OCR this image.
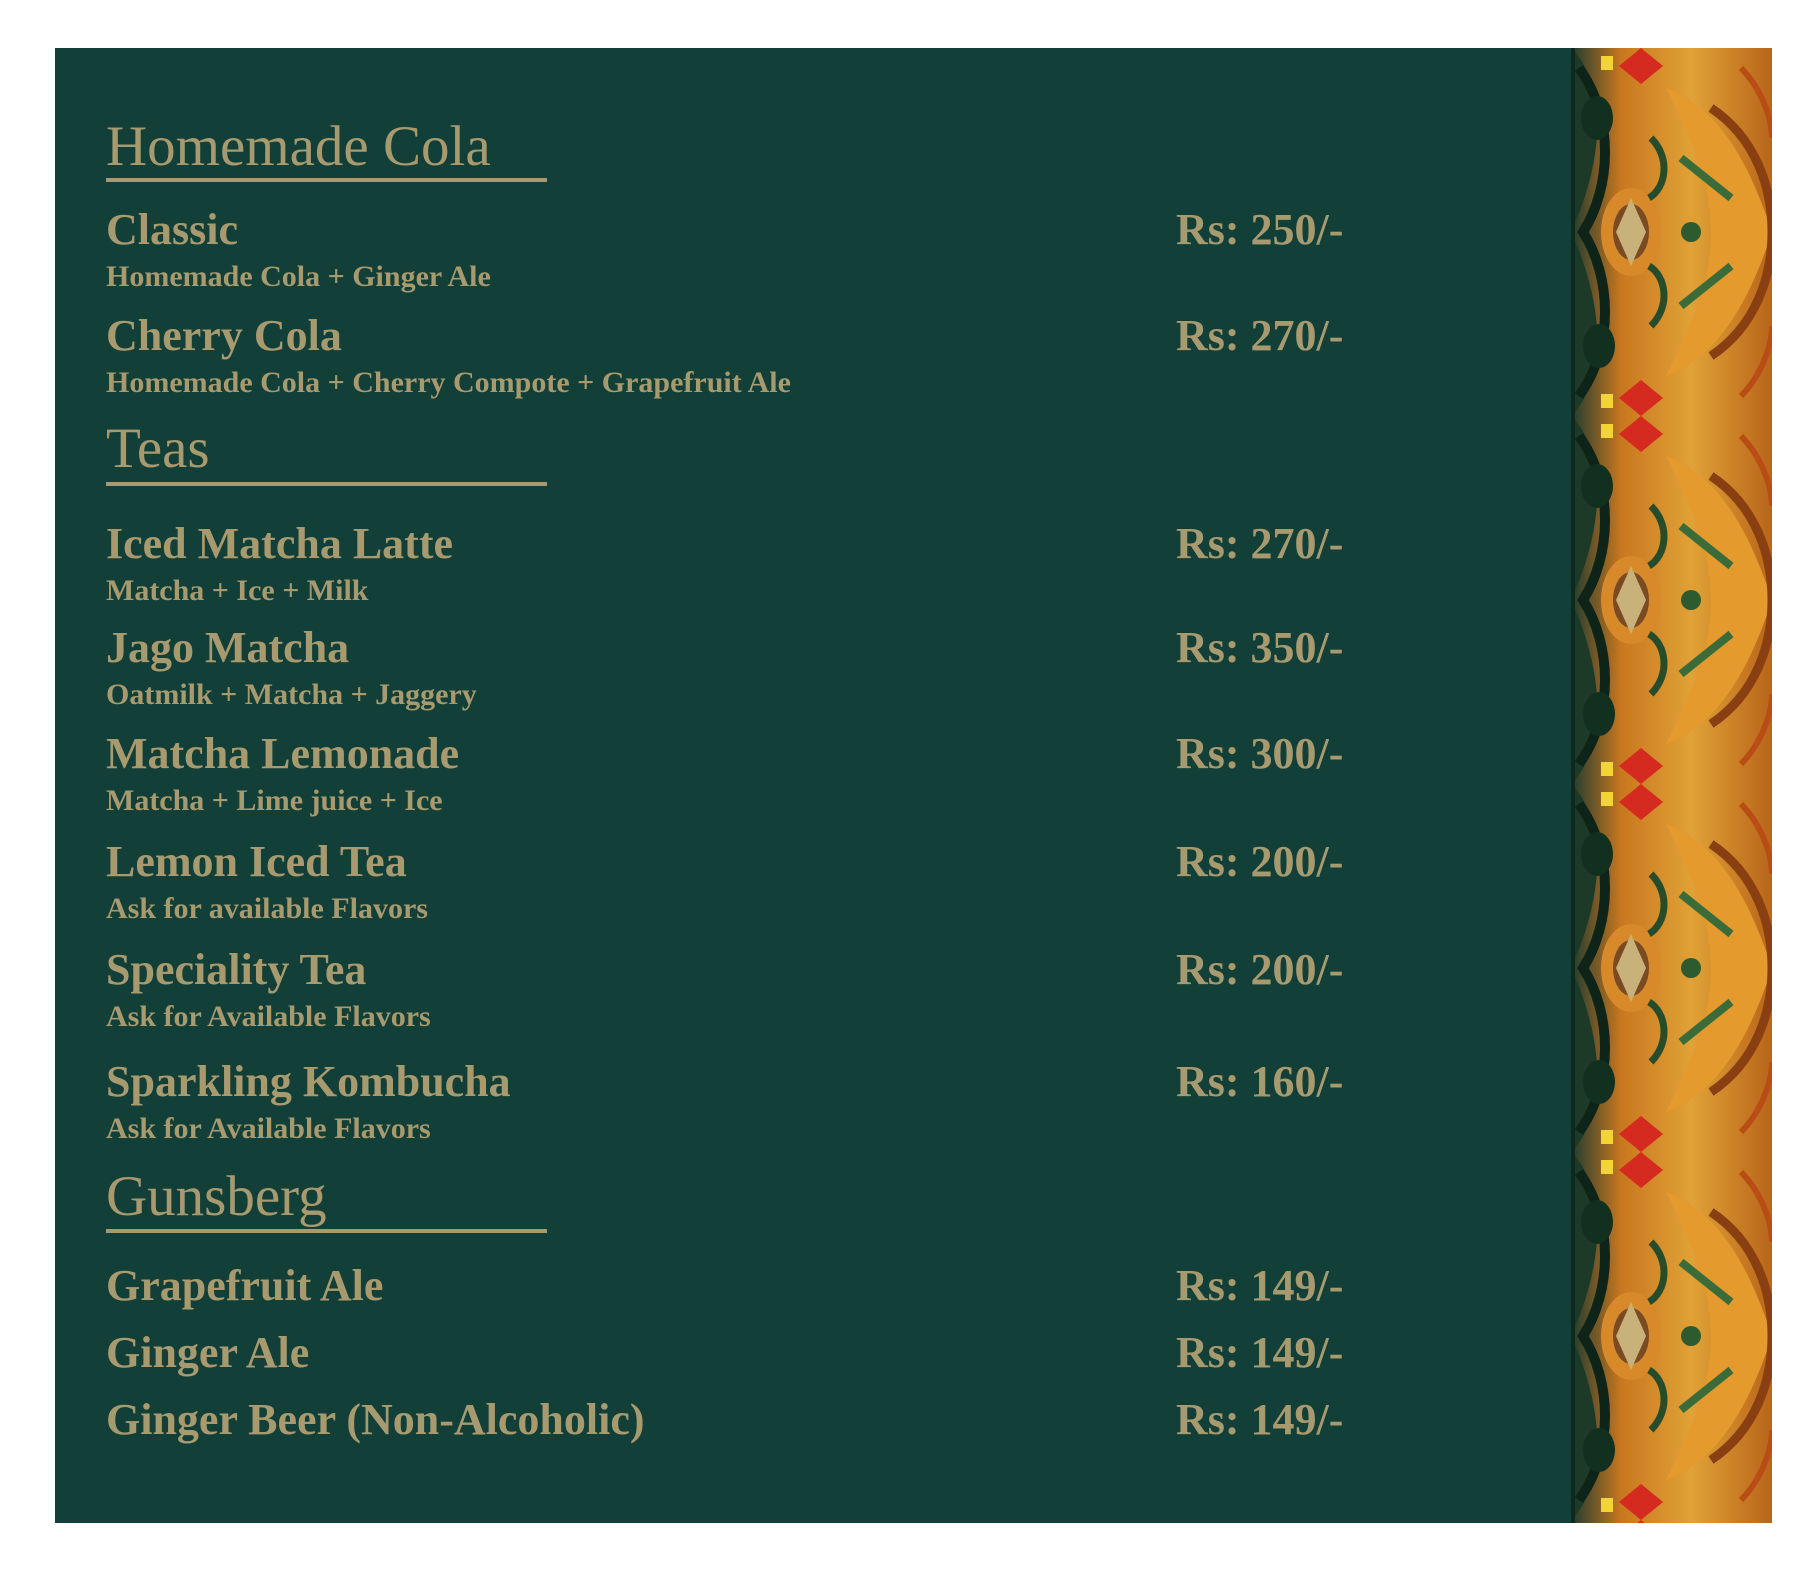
Homemade Cola
Classic	Rs: 250/-
Homemade Cola + Ginger Ale
Cherry Cola	Rs: 270/-
Homemade Cola + Cherry Compote + Grapefruit Ale
Teas
Iced Matcha Latte	Rs: 270/-
Matcha + Ice + Milk
Jago Matcha	Rs: 350/-
Oatmilk + Matcha + Jaggery
Matcha Lemonade	Rs: 300/-
Matcha + Lime juice + Ice
Lemon Iced Tea	Rs: 200/-
Ask for available Flavors
Speciality Tea	Rs: 200/-
Ask for Available Flavors
Sparkling Kombucha	Rs: 160/-
Ask for Available Flavors
Gunsberg
Grapefruit Ale	Rs: 149/-
Ginger Ale	Rs: 149/-
Ginger Beer (Non-Alcoholic)	Rs: 149/-
